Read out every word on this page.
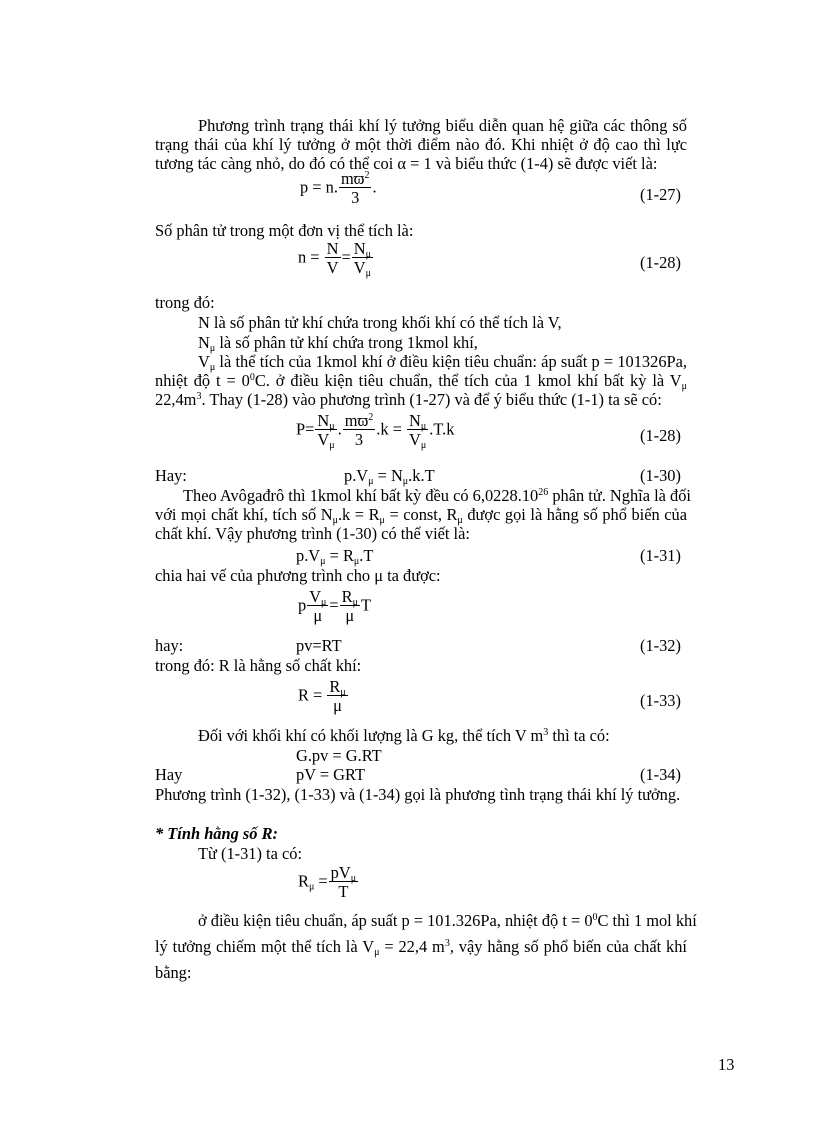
Phương trình trạng thái khí lý tưởng biểu diễn quan hệ giữa các thông số
trạng thái của khí lý tưởng ở một thời điểm nào đó. Khi nhiệt ở độ cao thì lực
tương tác càng nhỏ, do đó có thể coi α = 1 và biểu thức (1-4) sẽ được viết là:
p = n. $\frac{mϖ^2}{3}$ .	(1-27)
Số phân tử trong một đơn vị thể tích là:
$n = \frac{N}{V} = \frac{N_\mu}{V_\mu}$	(1-28)
trong đó:
N là số phân tử khí chứa trong khối khí có thể tích là V,
$N_\mu$ là số phân tử khí chứa trong 1kmol khí,
$V_\mu$ là thể tích của 1kmol khí ở điều kiện tiêu chuẩn: áp suất p = 101326Pa,
nhiệt độ $t = 0^0C$. ở điều kiện tiêu chuẩn, thể tích của 1 kmol khí bất kỳ là $V_\mu$
$22,4m^3$. Thay (1-28) vào phương trình (1-27) và để ý biểu thức (1-1) ta sẽ có:
$P= \frac{N_\mu}{V_\mu}$ . $\frac{mϖ^2}{3} .k = \frac{N_\mu}{V_\mu} .T.k$	(1-28)
Hay:	$p.V_\mu = N_\mu.k.T$	(1-30)
Theo Avôgađrô thì 1kmol khí bất kỳ đều có 6,0228.10$^{26}$ phân tử. Nghĩa là đối
với mọi chất khí, tích số $N_\mu.k = R_\mu$ = const, $R_\mu$ được gọi là hằng số phổ biến của
chất khí. Vậy phương trình (1-30) có thể viết là:
$p.V_\mu = R_\mu.T$	(1-31)
chia hai vế của phương trình cho μ ta được:
p $\frac{V_\mu}{\mu} = \frac{R_\mu}{\mu}$ T
hay:	pv=RT	(1-32)
trong đó: R là hằng số chất khí:
$R = \frac{R_\mu}{\mu}$	(1-33)
Đối với khối khí có khối lượng là G kg, thể tích V $m^3$ thì ta có:
G.pv = G.RT
Hay	pV = GRT	(1-34)
Phương trình (1-32), (1-33) và (1-34) gọi là phương tình trạng thái khí lý tưởng.
* Tính hằng số R:
Từ (1-31) ta có:
$R_\mu = \frac{pV_\mu}{T}$
ở điều kiện tiêu chuẩn, áp suất p = 101.326Pa, nhiệt độ $t = 0^0C$ thì 1 mol khí
lý tưởng chiếm một thể tích là $V_\mu = 22,4$ $m^3$, vậy hằng số phổ biến của chất khí
bằng:
13
